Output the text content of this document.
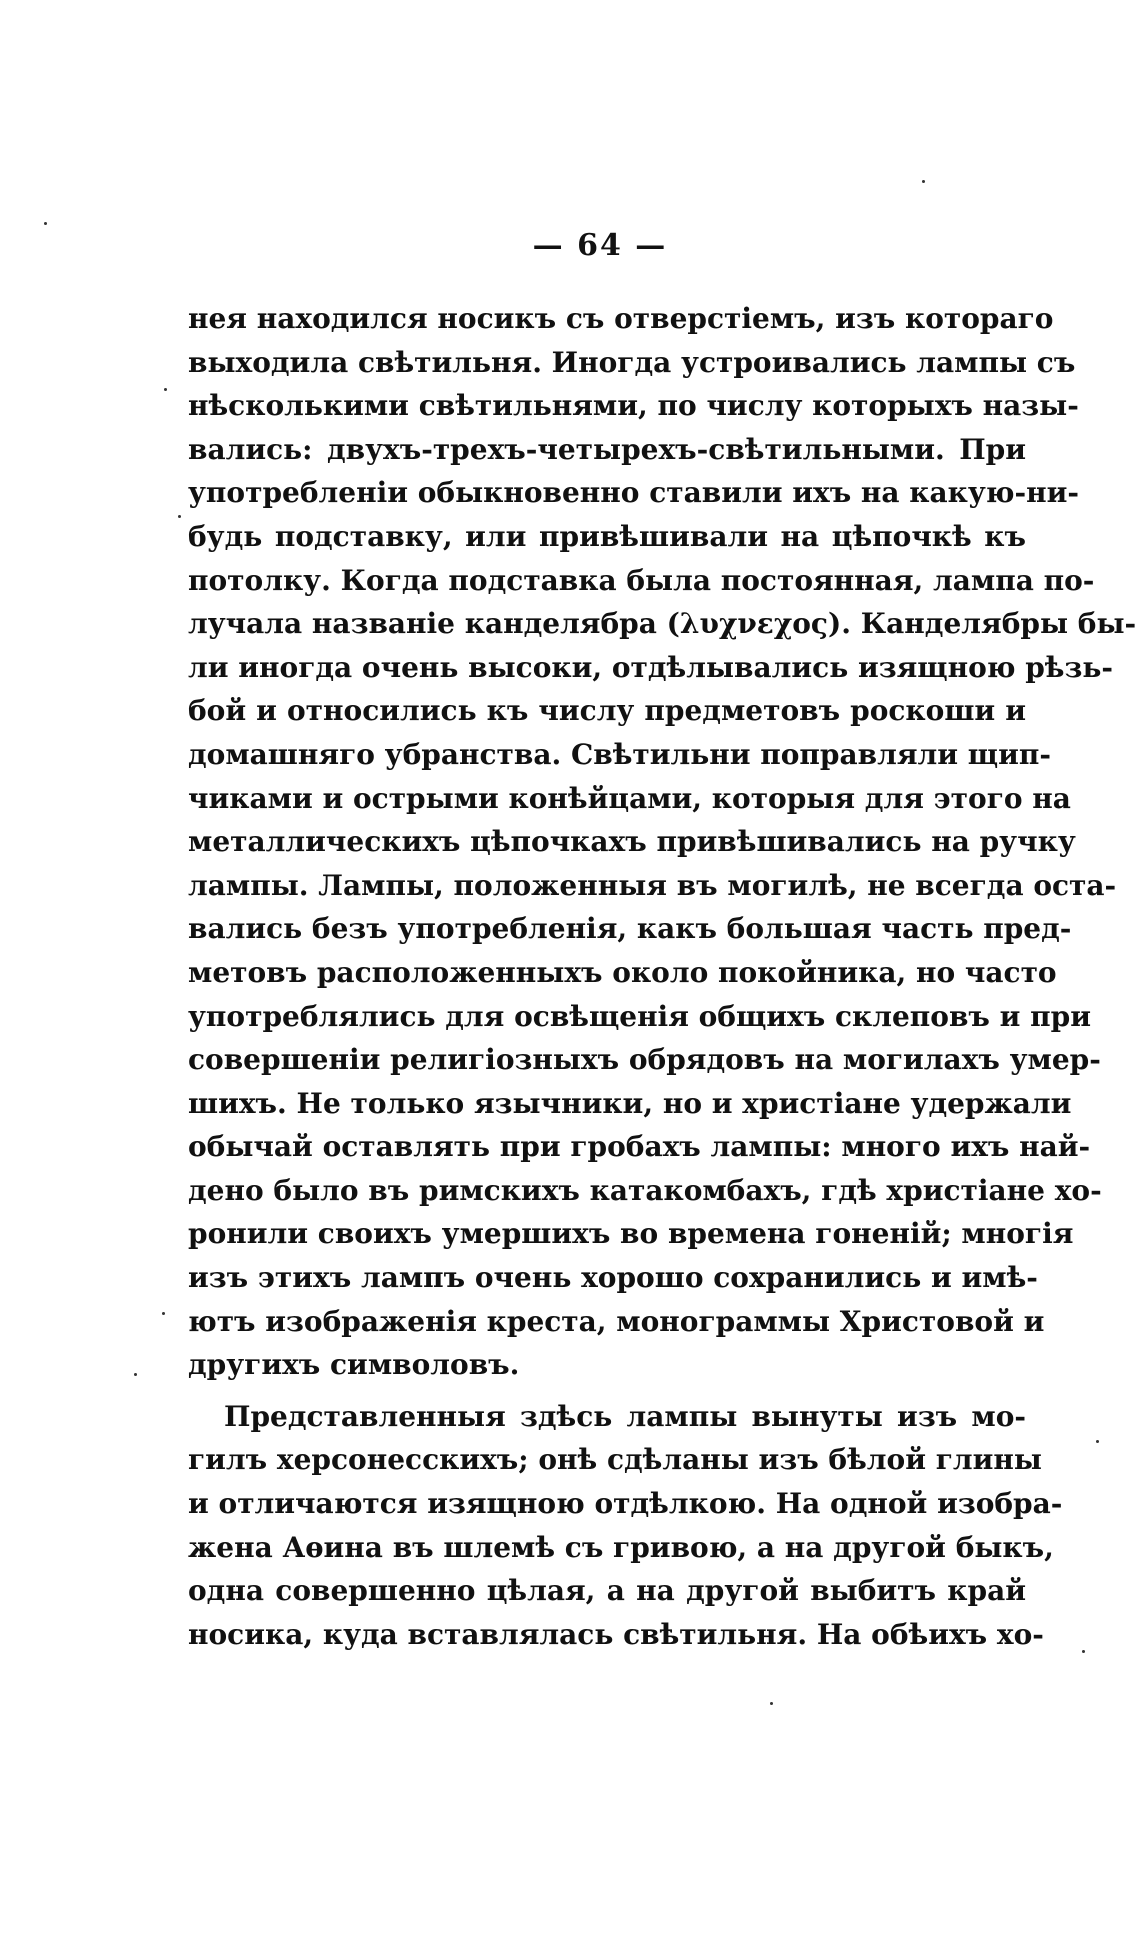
— 64 —
нея находился носикъ съ отверстіемъ, изъ котораго
выходила свѣтильня. Иногда устроивались лампы съ
нѣсколькими свѣтильнями, по числу которыхъ назы-
вались: двухъ-трехъ-четырехъ-свѣтильными. При
употребленіи обыкновенно ставили ихъ на какую-ни-
будь подставку, или привѣшивали на цѣпочкѣ къ
потолку. Когда подставка была постоянная, лампа по-
лучала названіе канделябра (λυχνεχος). Канделябры бы-
ли иногда очень высоки, отдѣлывались изящною рѣзь-
бой и относились къ числу предметовъ роскоши и
домашняго убранства. Свѣтильни поправляли щип-
чиками и острыми конѣйцами, которыя для этого на
металлическихъ цѣпочкахъ привѣшивались на ручку
лампы. Лампы, положенныя въ могилѣ, не всегда оста-
вались безъ употребленія, какъ большая часть пред-
метовъ расположенныхъ около покойника, но часто
употреблялись для освѣщенія общихъ склеповъ и при
совершеніи религіозныхъ обрядовъ на могилахъ умер-
шихъ. Не только язычники, но и христіане удержали
обычай оставлять при гробахъ лампы: много ихъ най-
дено было въ римскихъ катакомбахъ, гдѣ христіане хо-
ронили своихъ умершихъ во времена гоненій; многія
изъ этихъ лампъ очень хорошо сохранились и имѣ-
ютъ изображенія креста, монограммы Христовой и
другихъ символовъ.
Представленныя здѣсь лампы вынуты изъ мо-
гилъ херсонесскихъ; онѣ сдѣланы изъ бѣлой глины
и отличаются изящною отдѣлкою. На одной изобра-
жена Аѳина въ шлемѣ съ гривою, а на другой быкъ,
одна совершенно цѣлая, а на другой выбитъ край
носика, куда вставлялась свѣтильня. На обѣихъ хо-
